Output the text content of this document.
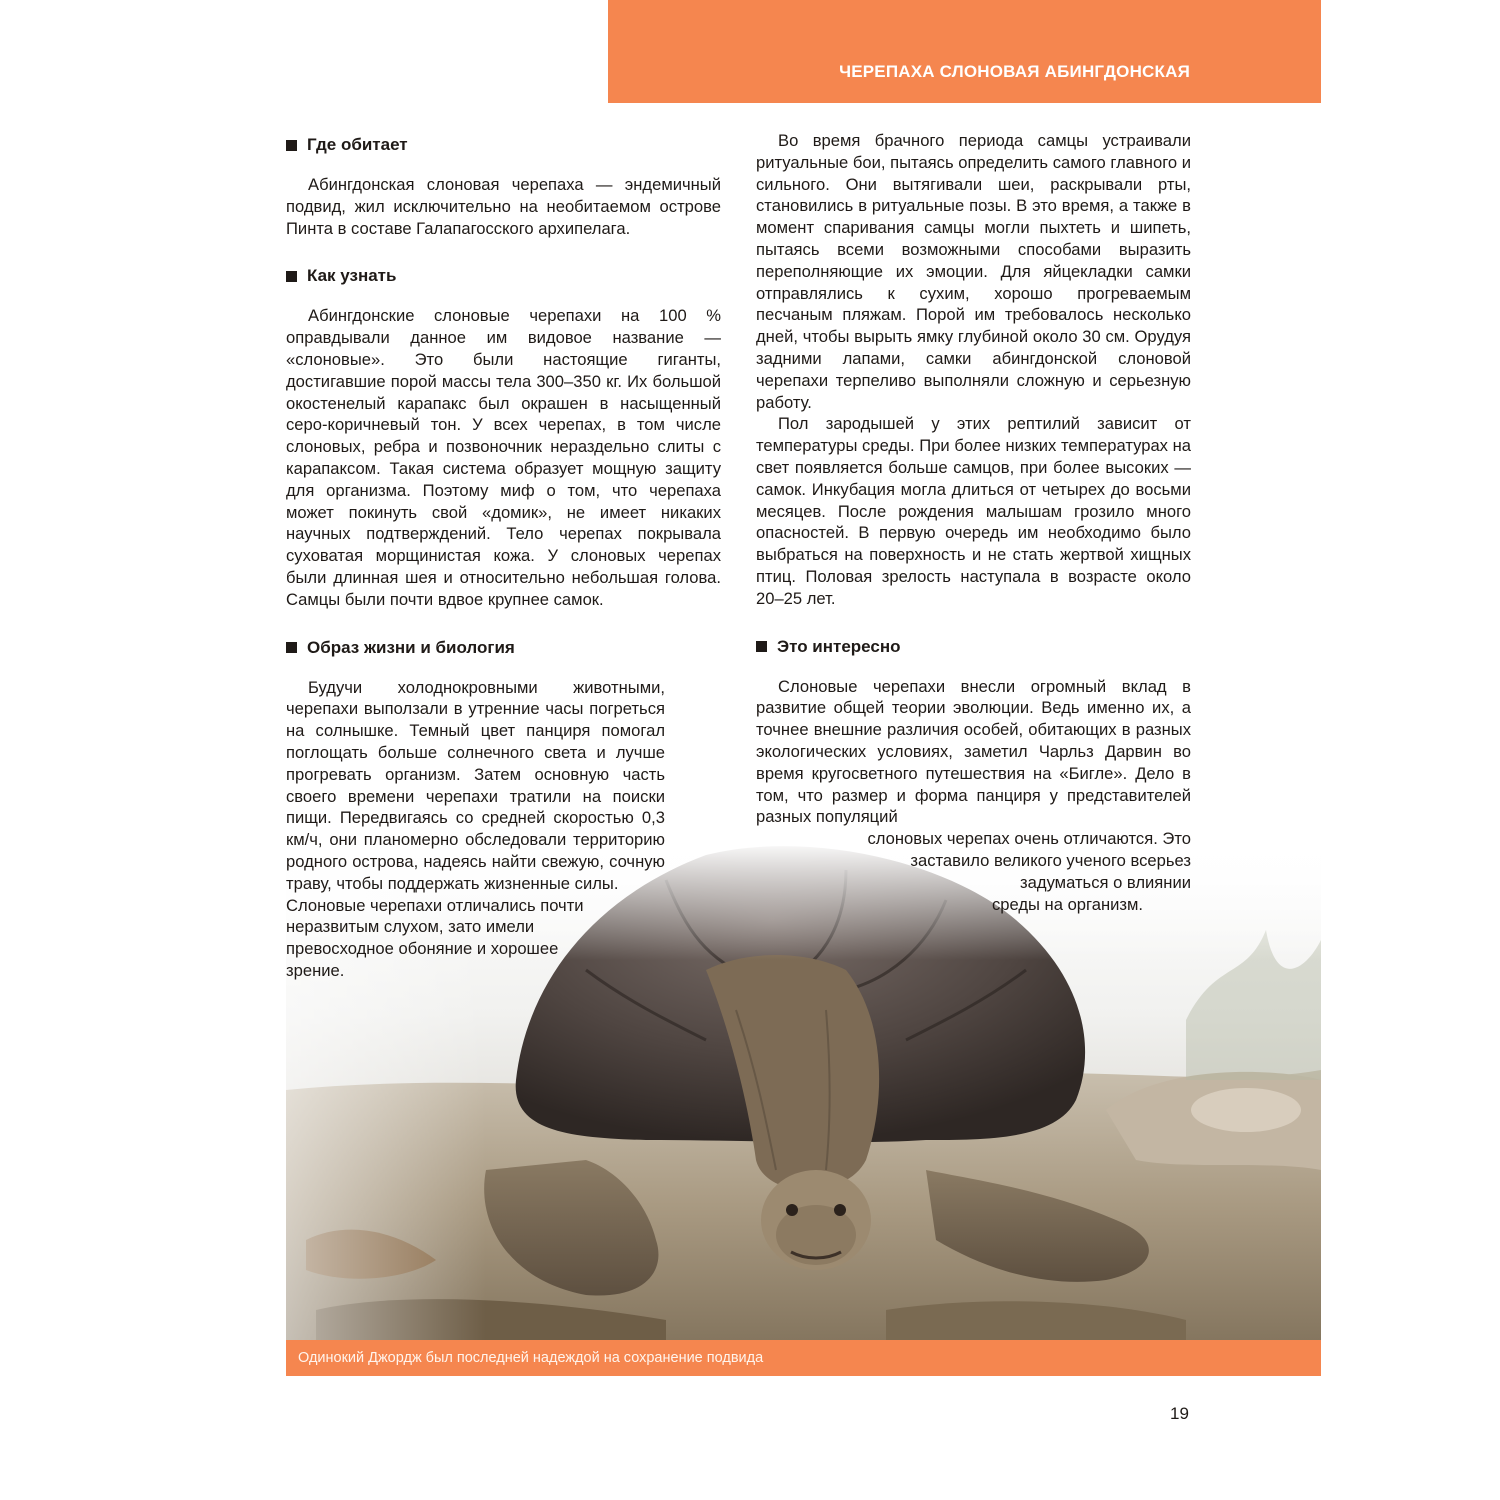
ЧЕРЕПАХА СЛОНОВАЯ АБИНГДОНСКАЯ
Где обитает

Абингдонская слоновая черепаха — эндемичный подвид, жил исключительно на необитаемом острове Пинта в составе Галапагосского архипелага.

Как узнать

Абингдонские слоновые черепахи на 100 % оправдывали данное им видовое название — «слоновые». Это были настоящие гиганты, достигавшие порой массы тела 300–350 кг. Их большой окостенелый карапакс был окрашен в насыщенный серо-коричневый тон. У всех черепах, в том числе слоновых, ребра и позвоночник нераздельно слиты с карапаксом. Такая система образует мощную защиту для организма. Поэтому миф о том, что черепаха может покинуть свой «домик», не имеет никаких научных подтверждений. Тело черепах покрывала суховатая морщинистая кожа. У слоновых черепах были длинная шея и относительно небольшая голова. Самцы были почти вдвое крупнее самок.

Образ жизни и биология

Будучи холоднокровными животными, черепахи выползали в утренние часы погреться на солнышке. Темный цвет панциря помогал поглощать больше солнечного света и лучше прогревать организм. Затем основную часть своего времени черепахи тратили на поиски пищи. Передвигаясь со средней скоростью 0,3 км/ч, они планомерно обследовали территорию родного острова, надеясь найти свежую, сочную траву, чтобы поддержать жизненные силы.

Слоновые черепахи отличались почти неразвитым слухом, зато имели

превосходное обоняние и хорошее зрение.

Во время брачного периода самцы устраивали ритуальные бои, пытаясь определить самого главного и сильного. Они вытягивали шеи, раскрывали рты, становились в ритуальные позы. В это время, а также в момент спаривания самцы могли пыхтеть и шипеть, пытаясь всеми возможными способами выразить переполняющие их эмоции. Для яйцекладки самки отправлялись к сухим, хорошо прогреваемым песчаным пляжам. Порой им требовалось несколько дней, чтобы вырыть ямку глубиной около 30 см. Орудуя задними лапами, самки абингдонской слоновой черепахи терпеливо выполняли сложную и серьезную работу.

Пол зародышей у этих рептилий зависит от температуры среды. При более низких температурах на свет появляется больше самцов, при более высоких — самок. Инкубация могла длиться от четырех до восьми месяцев. После рождения малышам грозило много опасностей. В первую очередь им необходимо было выбраться на поверхность и не стать жертвой хищных птиц. Половая зрелость наступала в возрасте около 20–25 лет.

Это интересно

Слоновые черепахи внесли огромный вклад в развитие общей теории эволюции. Ведь именно их, а точнее внешние различия особей, обитающих в разных экологических условиях, заметил Чарльз Дарвин во время кругосветного путешествия на «Бигле». Дело в том, что размер и форма панциря у представителей разных популяций

слоновых черепах очень отличаются. Это

заставило великого ученого всерьез задуматься о влиянии

среды на организм.

Одинокий Джордж был последней надеждой на сохранение подвида

19
